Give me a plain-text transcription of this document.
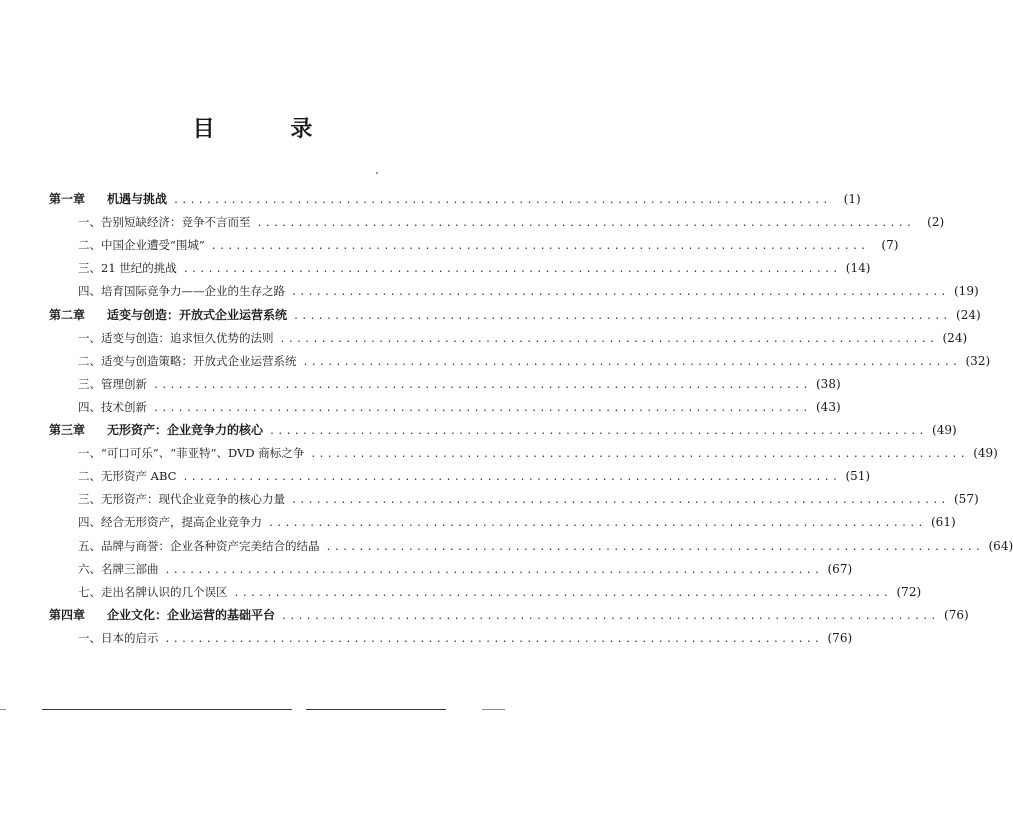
目 录
第一章	机遇与挑战 ................................................................................	(1)
一、告别短缺经济：竞争不言而至 ................................................................................	(2)
二、中国企业遭受“围城” ................................................................................	(7)
三、21 世纪的挑战 ................................................................................ (14)
四、培育国际竞争力——企业的生存之路 ................................................................................ (19)
第二章	适变与创造：开放式企业运营系统 ................................................................................ (24)
一、适变与创造：追求恒久优势的法则 ................................................................................ (24)
二、适变与创造策略：开放式企业运营系统 ................................................................................ (32)
三、管理创新 ................................................................................ (38)
四、技术创新 ................................................................................ (43)
第三章	无形资产：企业竞争力的核心 ................................................................................ (49)
一、“可口可乐”、“菲亚特”、DVD 商标之争 ................................................................................ (49)
二、无形资产 ABC ................................................................................ (51)
三、无形资产：现代企业竞争的核心力量 ................................................................................ (57)
四、经合无形资产，提高企业竞争力 ................................................................................ (61)
五、品牌与商誉：企业各种资产完美结合的结晶 ................................................................................ (64)
六、名牌三部曲 ................................................................................ (67)
七、走出名牌认识的几个误区 ................................................................................ (72)
第四章	企业文化：企业运营的基础平台 ................................................................................ (76)
一、日本的启示 ................................................................................ (76)
